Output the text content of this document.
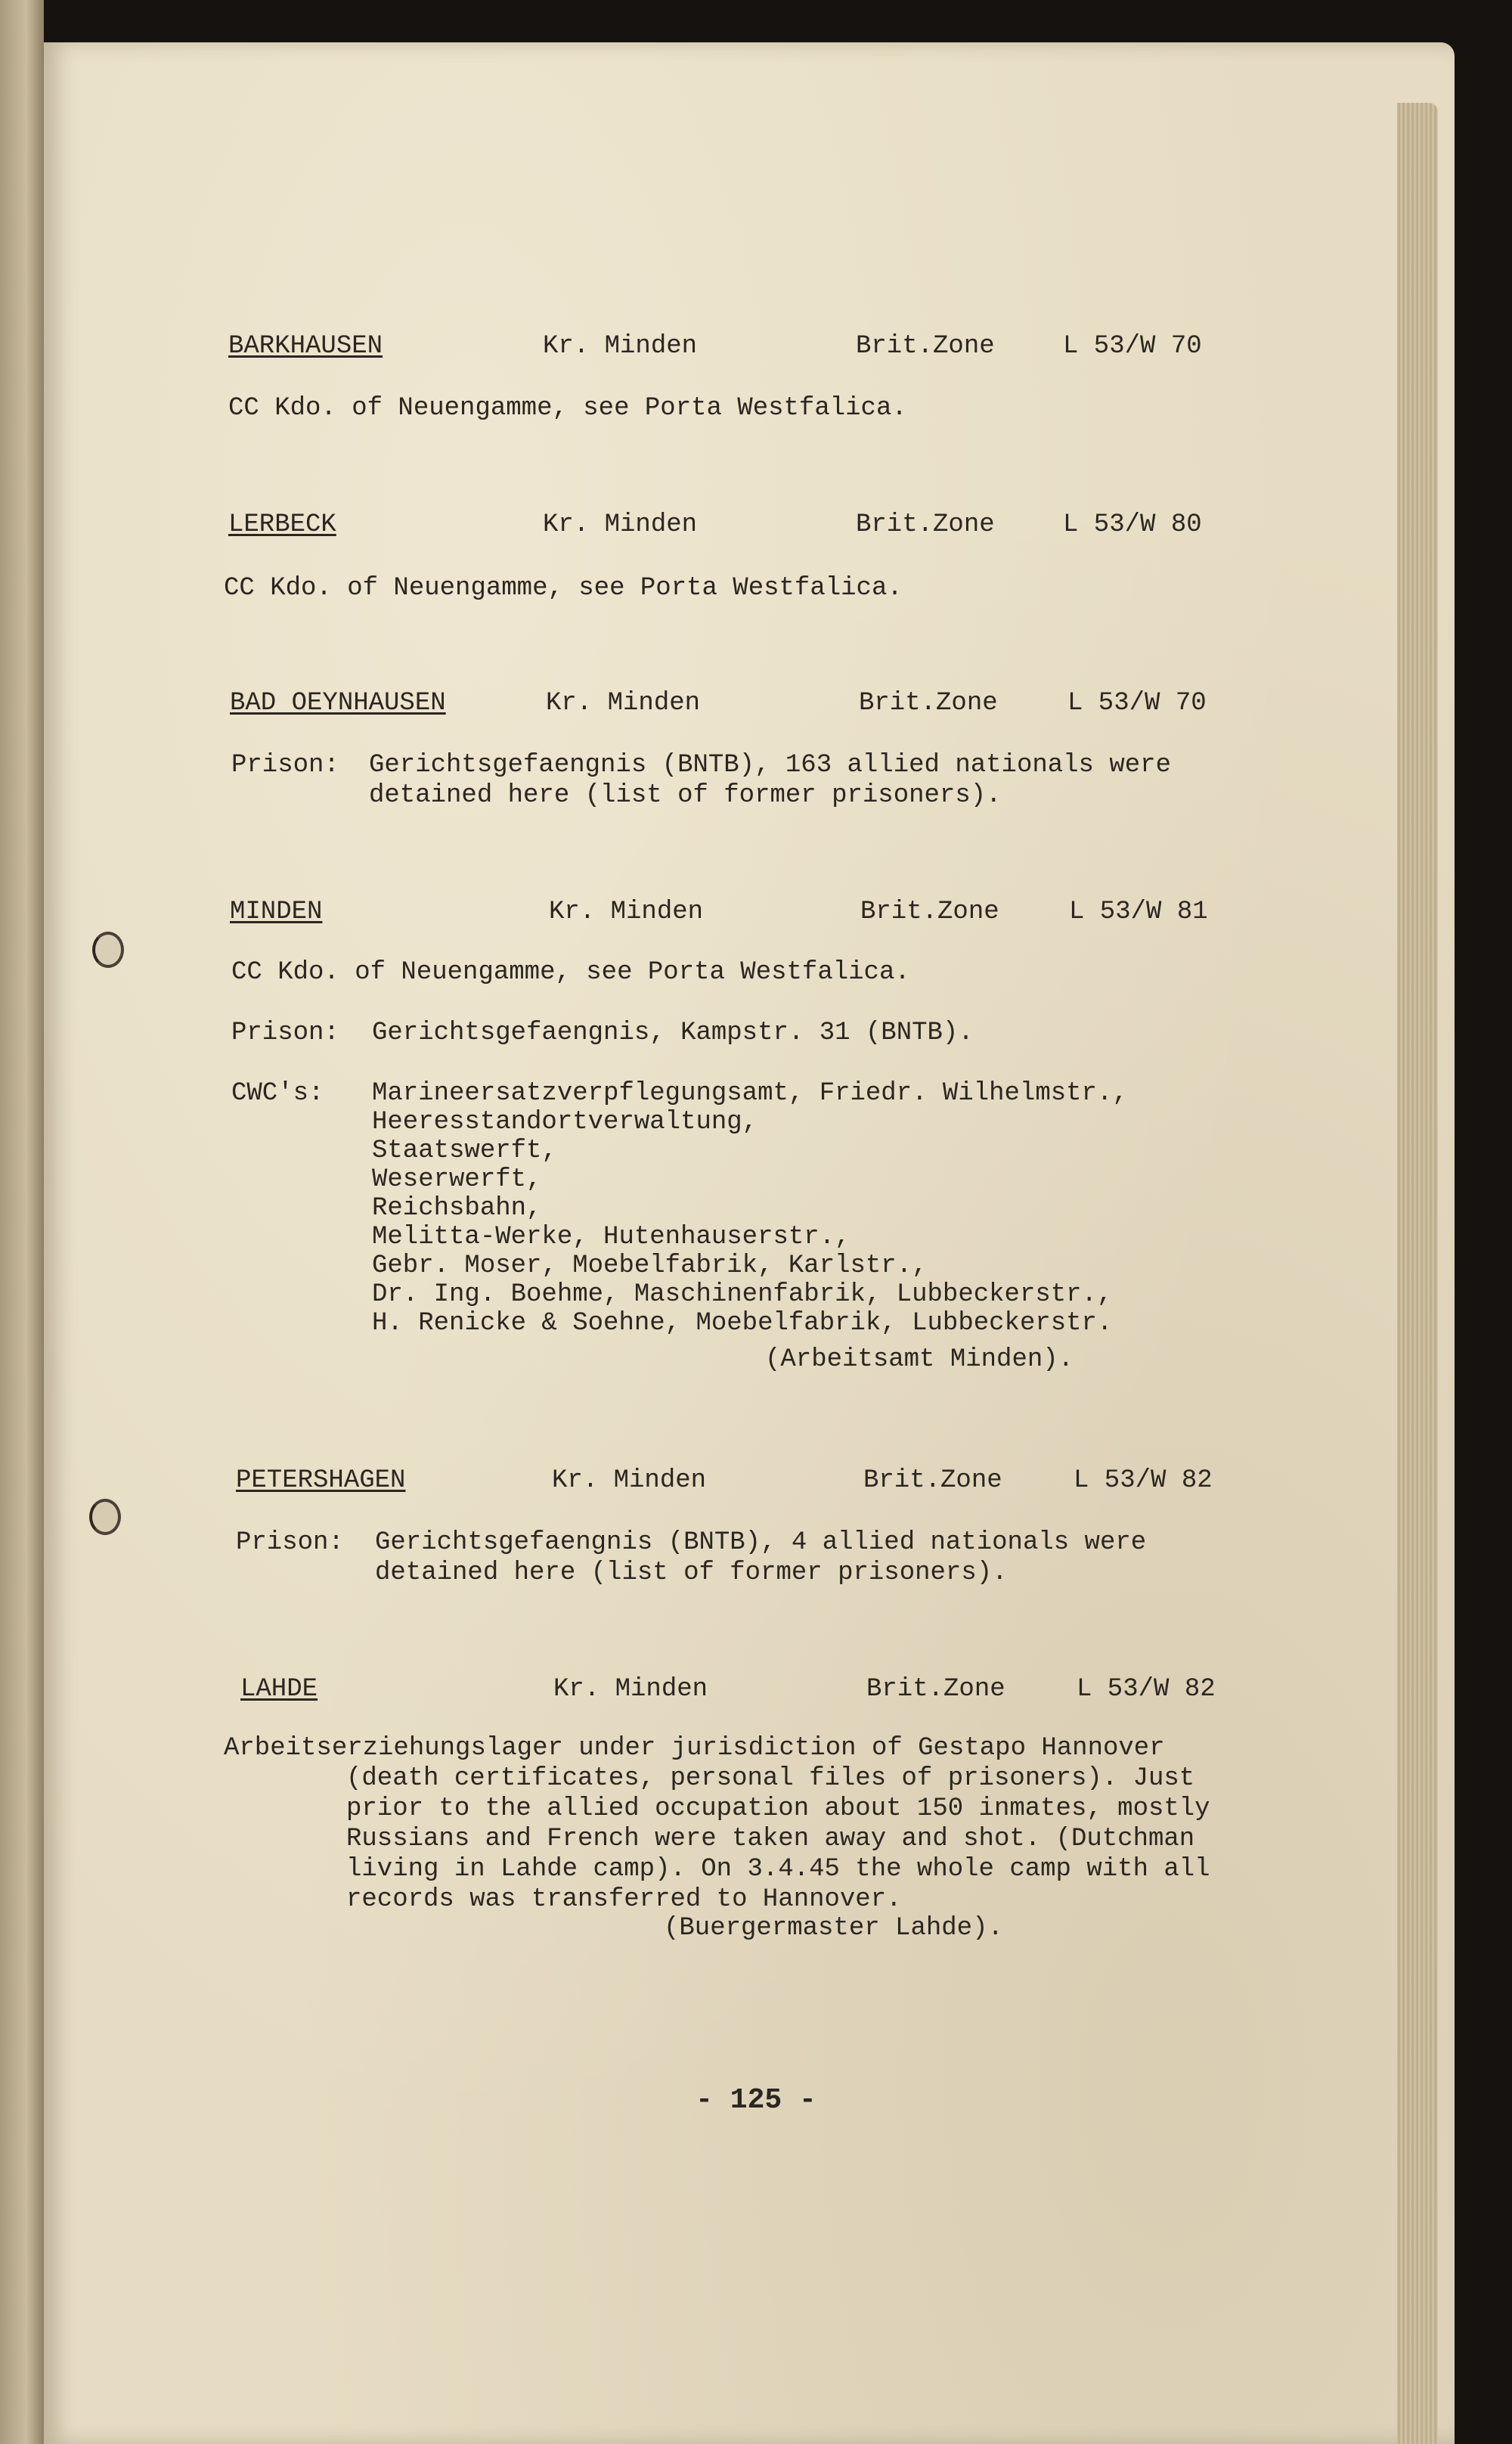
BARKHAUSEN	Kr. Minden	Brit.Zone	L 53/W 70
CC Kdo. of Neuengamme, see Porta Westfalica.
LERBECK	Kr. Minden	Brit.Zone	L 53/W 80
CC Kdo. of Neuengamme, see Porta Westfalica.
BAD OEYNHAUSEN	Kr. Minden	Brit.Zone	L 53/W 70
Prison: Gerichtsgefaengnis (BNTB), 163 allied nationals were
detained here (list of former prisoners).
MINDEN	Kr. Minden	Brit.Zone	L 53/W 81
CC Kdo. of Neuengamme, see Porta Westfalica.
Prison: Gerichtsgefaengnis, Kampstr. 31 (BNTB).
CWC's: Marineersatzverpflegungsamt, Friedr. Wilhelmstr.,
Heeresstandortverwaltung,
Staatswerft,
Weserwerft,
Reichsbahn,
Melitta-Werke, Hutenhauserstr.,
Gebr. Moser, Moebelfabrik, Karlstr.,
Dr. Ing. Boehme, Maschinenfabrik, Lubbeckerstr.,
H. Renicke & Soehne, Moebelfabrik, Lubbeckerstr.
(Arbeitsamt Minden).
PETERSHAGEN	Kr. Minden	Brit.Zone	L 53/W 82
Prison: Gerichtsgefaengnis (BNTB), 4 allied nationals were
detained here (list of former prisoners).
LAHDE	Kr. Minden	Brit.Zone	L 53/W 82
Arbeitserziehungslager under jurisdiction of Gestapo Hannover
(death certificates, personal files of prisoners). Just
prior to the allied occupation about 150 inmates, mostly
Russians and French were taken away and shot. (Dutchman
living in Lahde camp). On 3.4.45 the whole camp with all
records was transferred to Hannover.
(Buergermaster Lahde).
- 125 -
